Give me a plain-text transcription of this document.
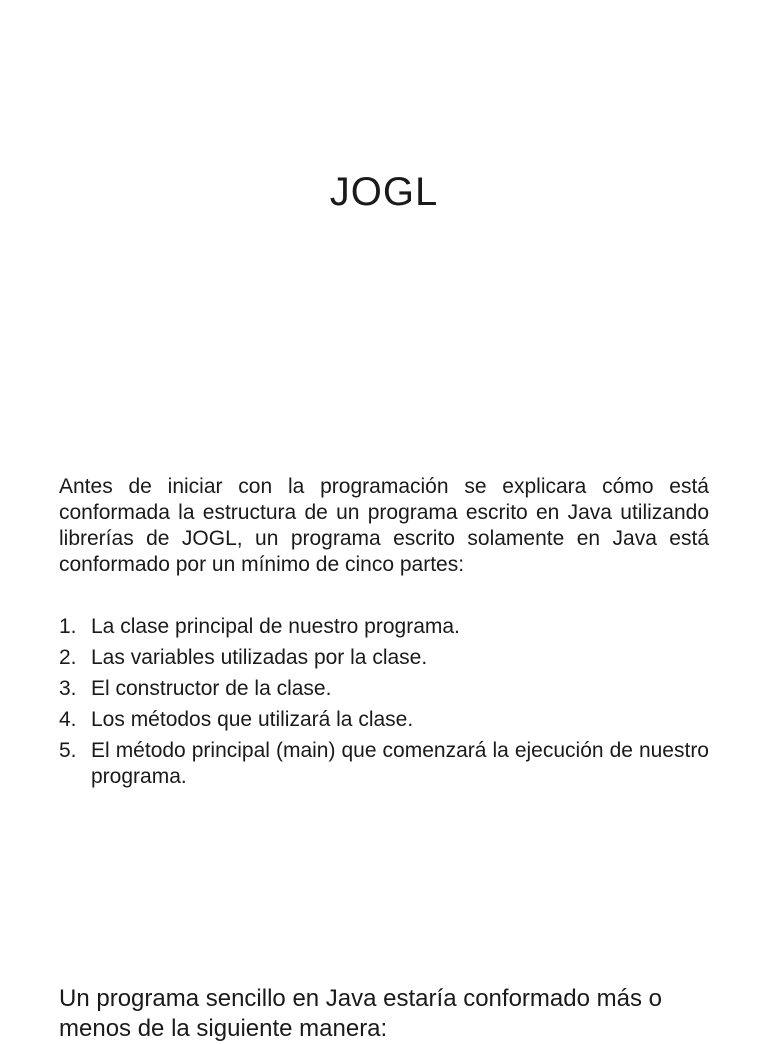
JOGL

Antes de iniciar con la programación se explicara cómo está conformada la estructura de un programa escrito en Java utilizando librerías de JOGL, un programa escrito solamente en Java está conformado por un mínimo de cinco partes:

1. La clase principal de nuestro programa.
2. Las variables utilizadas por la clase.
3. El constructor de la clase.
4. Los métodos que utilizará la clase.
5. El método principal (main) que comenzará la ejecución de nuestro programa.

Un programa sencillo en Java estaría conformado más o
menos de la siguiente manera:
